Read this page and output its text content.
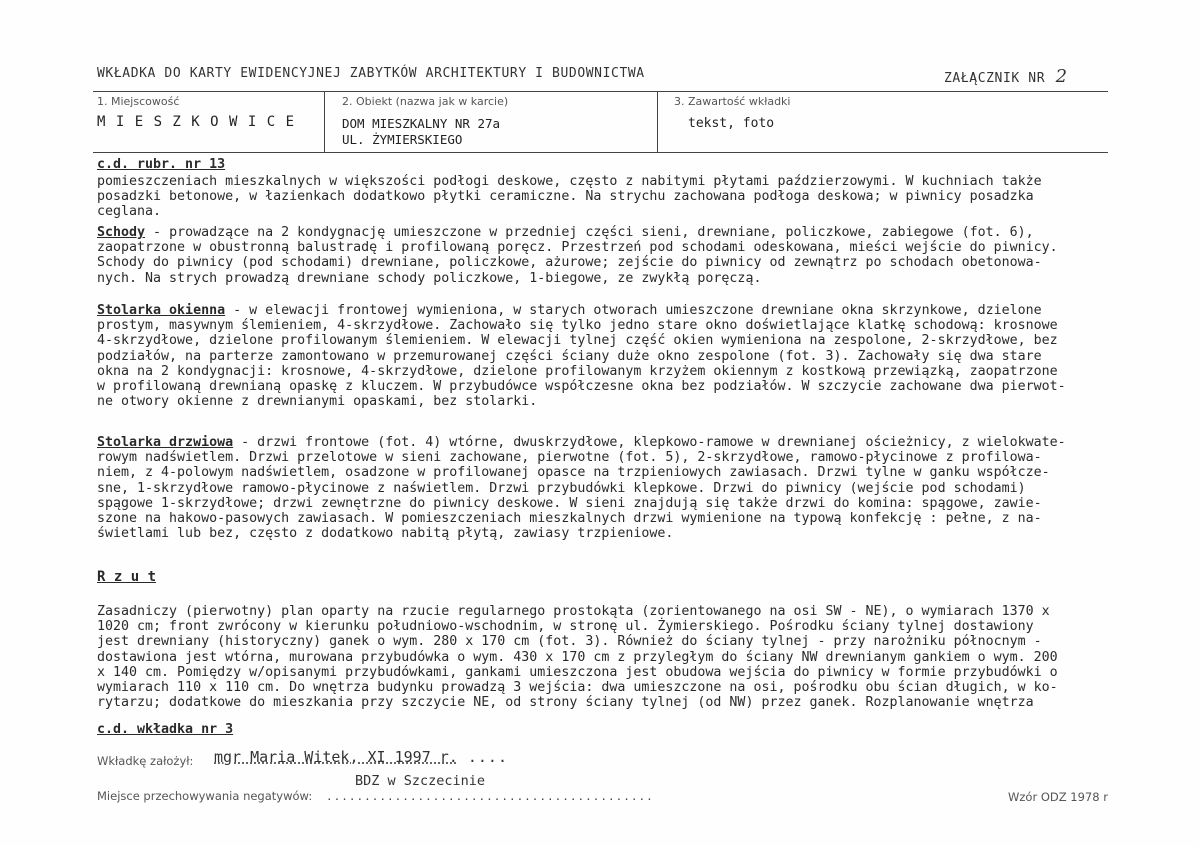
WKŁADKA DO KARTY EWIDENCYJNEJ ZABYTKÓW ARCHITEKTURY I BUDOWNICTWA	ZAŁĄCZNIK NR 2
1. Miejscowość
M I E S Z K O W I C E
2. Obiekt (nazwa jak w karcie)
DOM MIESZKALNY NR 27a
UL. ŻYMIERSKIEGO
3. Zawartość wkładki
tekst, foto
c.d. rubr. nr 13
pomieszczeniach mieszkalnych w większości podłogi deskowe, często z nabitymi płytami paździerzowymi. W kuchniach także
posadzki betonowe, w łazienkach dodatkowo płytki ceramiczne. Na strychu zachowana podłoga deskowa; w piwnicy posadzka
ceglana.
Schody - prowadzące na 2 kondygnację umieszczone w przedniej części sieni, drewniane, policzkowe, zabiegowe (fot. 6),
zaopatrzone w obustronną balustradę i profilowaną poręcz. Przestrzeń pod schodami odeskowana, mieści wejście do piwnicy.
Schody do piwnicy (pod schodami) drewniane, policzkowe, ażurowe; zejście do piwnicy od zewnątrz po schodach obetonowa-
nych. Na strych prowadzą drewniane schody policzkowe, 1-biegowe, ze zwykłą poręczą.
Stolarka okienna - w elewacji frontowej wymieniona, w starych otworach umieszczone drewniane okna skrzynkowe, dzielone
prostym, masywnym ślemieniem, 4-skrzydłowe. Zachowało się tylko jedno stare okno doświetlające klatkę schodową: krosnowe
4-skrzydłowe, dzielone profilowanym ślemieniem. W elewacji tylnej część okien wymieniona na zespolone, 2-skrzydłowe, bez
podziałów, na parterze zamontowano w przemurowanej części ściany duże okno zespolone (fot. 3). Zachowały się dwa stare
okna na 2 kondygnacji: krosnowe, 4-skrzydłowe, dzielone profilowanym krzyżem okiennym z kostkową przewiązką, zaopatrzone
w profilowaną drewnianą opaskę z kluczem. W przybudówce współczesne okna bez podziałów. W szczycie zachowane dwa pierwot-
ne otwory okienne z drewnianymi opaskami, bez stolarki.
Stolarka drzwiowa - drzwi frontowe (fot. 4) wtórne, dwuskrzydłowe, klepkowo-ramowe w drewnianej ościeżnicy, z wielokwate-
rowym nadświetlem. Drzwi przelotowe w sieni zachowane, pierwotne (fot. 5), 2-skrzydłowe, ramowo-płycinowe z profilowa-
niem, z 4-polowym nadświetlem, osadzone w profilowanej opasce na trzpieniowych zawiasach. Drzwi tylne w ganku współcze-
sne, 1-skrzydłowe ramowo-płycinowe z naświetlem. Drzwi przybudówki klepkowe. Drzwi do piwnicy (wejście pod schodami)
spągowe 1-skrzydłowe; drzwi zewnętrzne do piwnicy deskowe. W sieni znajdują się także drzwi do komina: spągowe, zawie-
szone na hakowo-pasowych zawiasach. W pomieszczeniach mieszkalnych drzwi wymienione na typową konfekcję : pełne, z na-
świetlami lub bez, często z dodatkowo nabitą płytą, zawiasy trzpieniowe.
R z u t
Zasadniczy (pierwotny) plan oparty na rzucie regularnego prostokąta (zorientowanego na osi SW - NE), o wymiarach 1370 x
1020 cm; front zwrócony w kierunku południowo-wschodnim, w stronę ul. Żymierskiego. Pośrodku ściany tylnej dostawiony
jest drewniany (historyczny) ganek o wym. 280 x 170 cm (fot. 3). Również do ściany tylnej - przy narożniku północnym -
dostawiona jest wtórna, murowana przybudówka o wym. 430 x 170 cm z przyległym do ściany NW drewnianym gankiem o wym. 200
x 140 cm. Pomiędzy w/opisanymi przybudówkami, gankami umieszczona jest obudowa wejścia do piwnicy w formie przybudówki o
wymiarach 110 x 110 cm. Do wnętrza budynku prowadzą 3 wejścia: dwa umieszczone na osi, pośrodku obu ścian długich, w ko-
rytarzu; dodatkowe do mieszkania przy szczycie NE, od strony ściany tylnej (od NW) przez ganek. Rozplanowanie wnętrza
c.d. wkładka nr 3
Wkładkę założył: mgr Maria Witek, XI 1997 r. ....
BDZ w Szczecinie
Miejsce przechowywania negatywów: ...........................................	Wzór ODZ 1978 r
